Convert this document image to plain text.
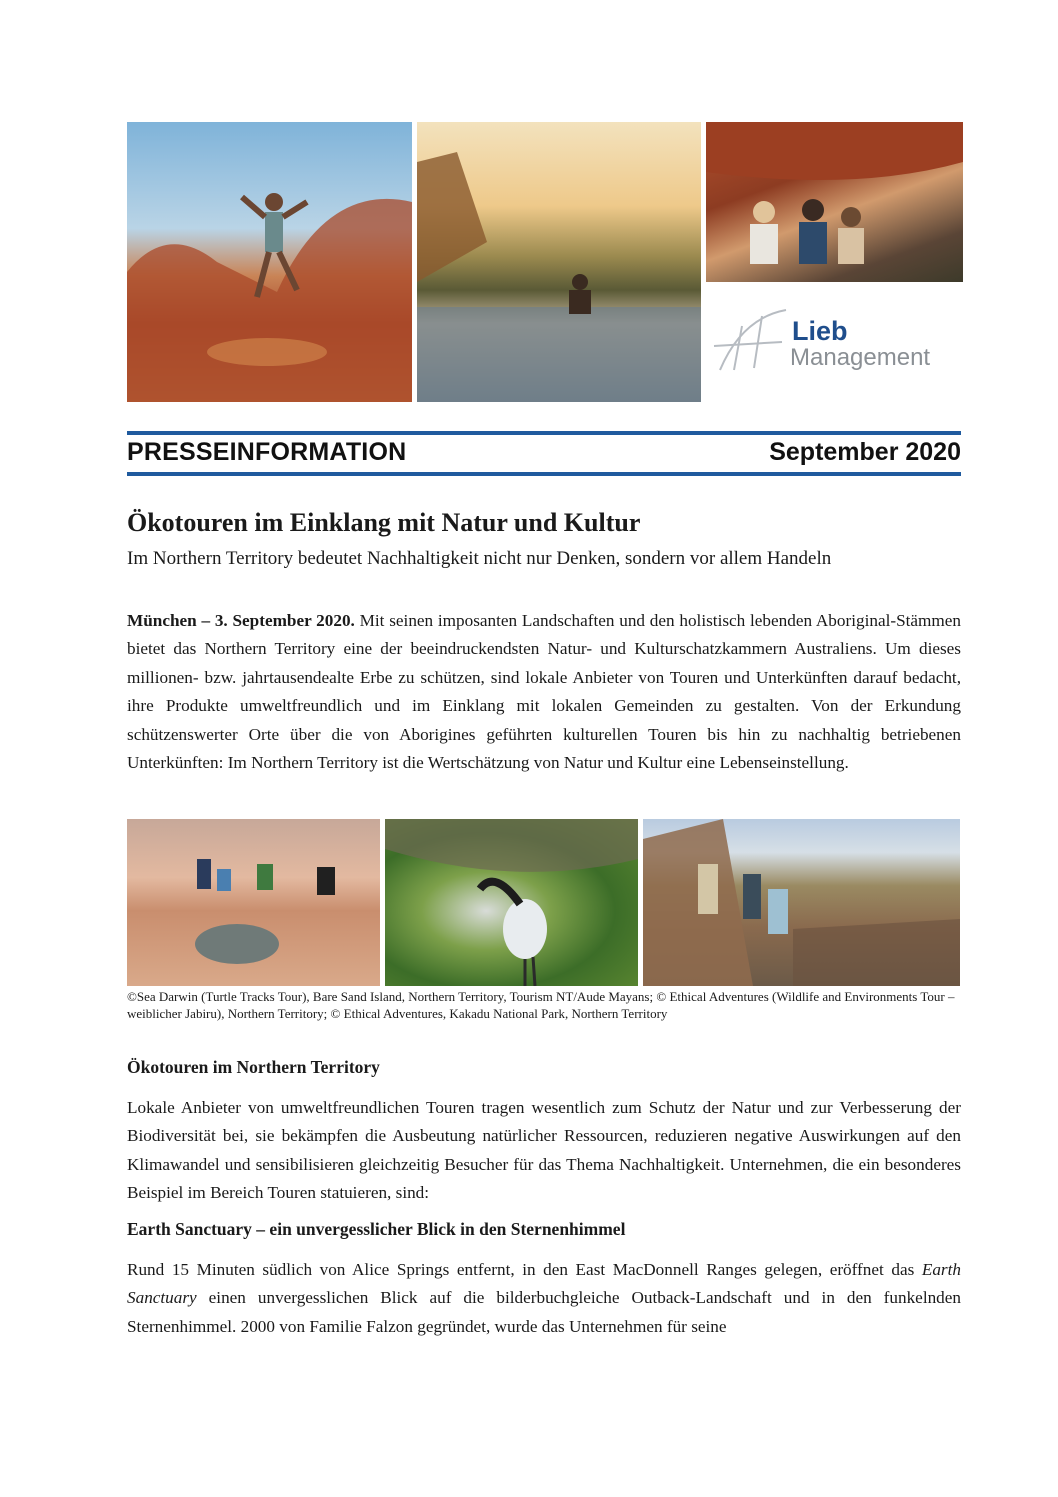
Lieb
Management
PRESSEINFORMATION	September 2020
Ökotouren im Einklang mit Natur und Kultur
Im Northern Territory bedeutet Nachhaltigkeit nicht nur Denken, sondern vor allem Handeln
München – 3. September 2020. Mit seinen imposanten Landschaften und den holistisch lebenden Aboriginal-Stämmen bietet das Northern Territory eine der beeindruckendsten Natur- und Kulturschatzkammern Australiens. Um dieses millionen- bzw. jahrtausendealte Erbe zu schützen, sind lokale Anbieter von Touren und Unterkünften darauf bedacht, ihre Produkte umweltfreundlich und im Einklang mit lokalen Gemeinden zu gestalten. Von der Erkundung schützenswerter Orte über die von Aborigines geführten kulturellen Touren bis hin zu nachhaltig betriebenen Unterkünften: Im Northern Territory ist die Wertschätzung von Natur und Kultur eine Lebenseinstellung.
©Sea Darwin (Turtle Tracks Tour), Bare Sand Island, Northern Territory, Tourism NT/Aude Mayans; © Ethical Adventures (Wildlife and Environments Tour – weiblicher Jabiru), Northern Territory; © Ethical Adventures, Kakadu National Park, Northern Territory
Ökotouren im Northern Territory
Lokale Anbieter von umweltfreundlichen Touren tragen wesentlich zum Schutz der Natur und zur Verbesserung der Biodiversität bei, sie bekämpfen die Ausbeutung natürlicher Ressourcen, reduzieren negative Auswirkungen auf den Klimawandel und sensibilisieren gleichzeitig Besucher für das Thema Nachhaltigkeit. Unternehmen, die ein besonderes Beispiel im Bereich Touren statuieren, sind:
Earth Sanctuary – ein unvergesslicher Blick in den Sternenhimmel
Rund 15 Minuten südlich von Alice Springs entfernt, in den East MacDonnell Ranges gelegen, eröffnet das Earth Sanctuary einen unvergesslichen Blick auf die bilderbuchgleiche Outback-Landschaft und in den funkelnden Sternenhimmel. 2000 von Familie Falzon gegründet, wurde das Unternehmen für seine
